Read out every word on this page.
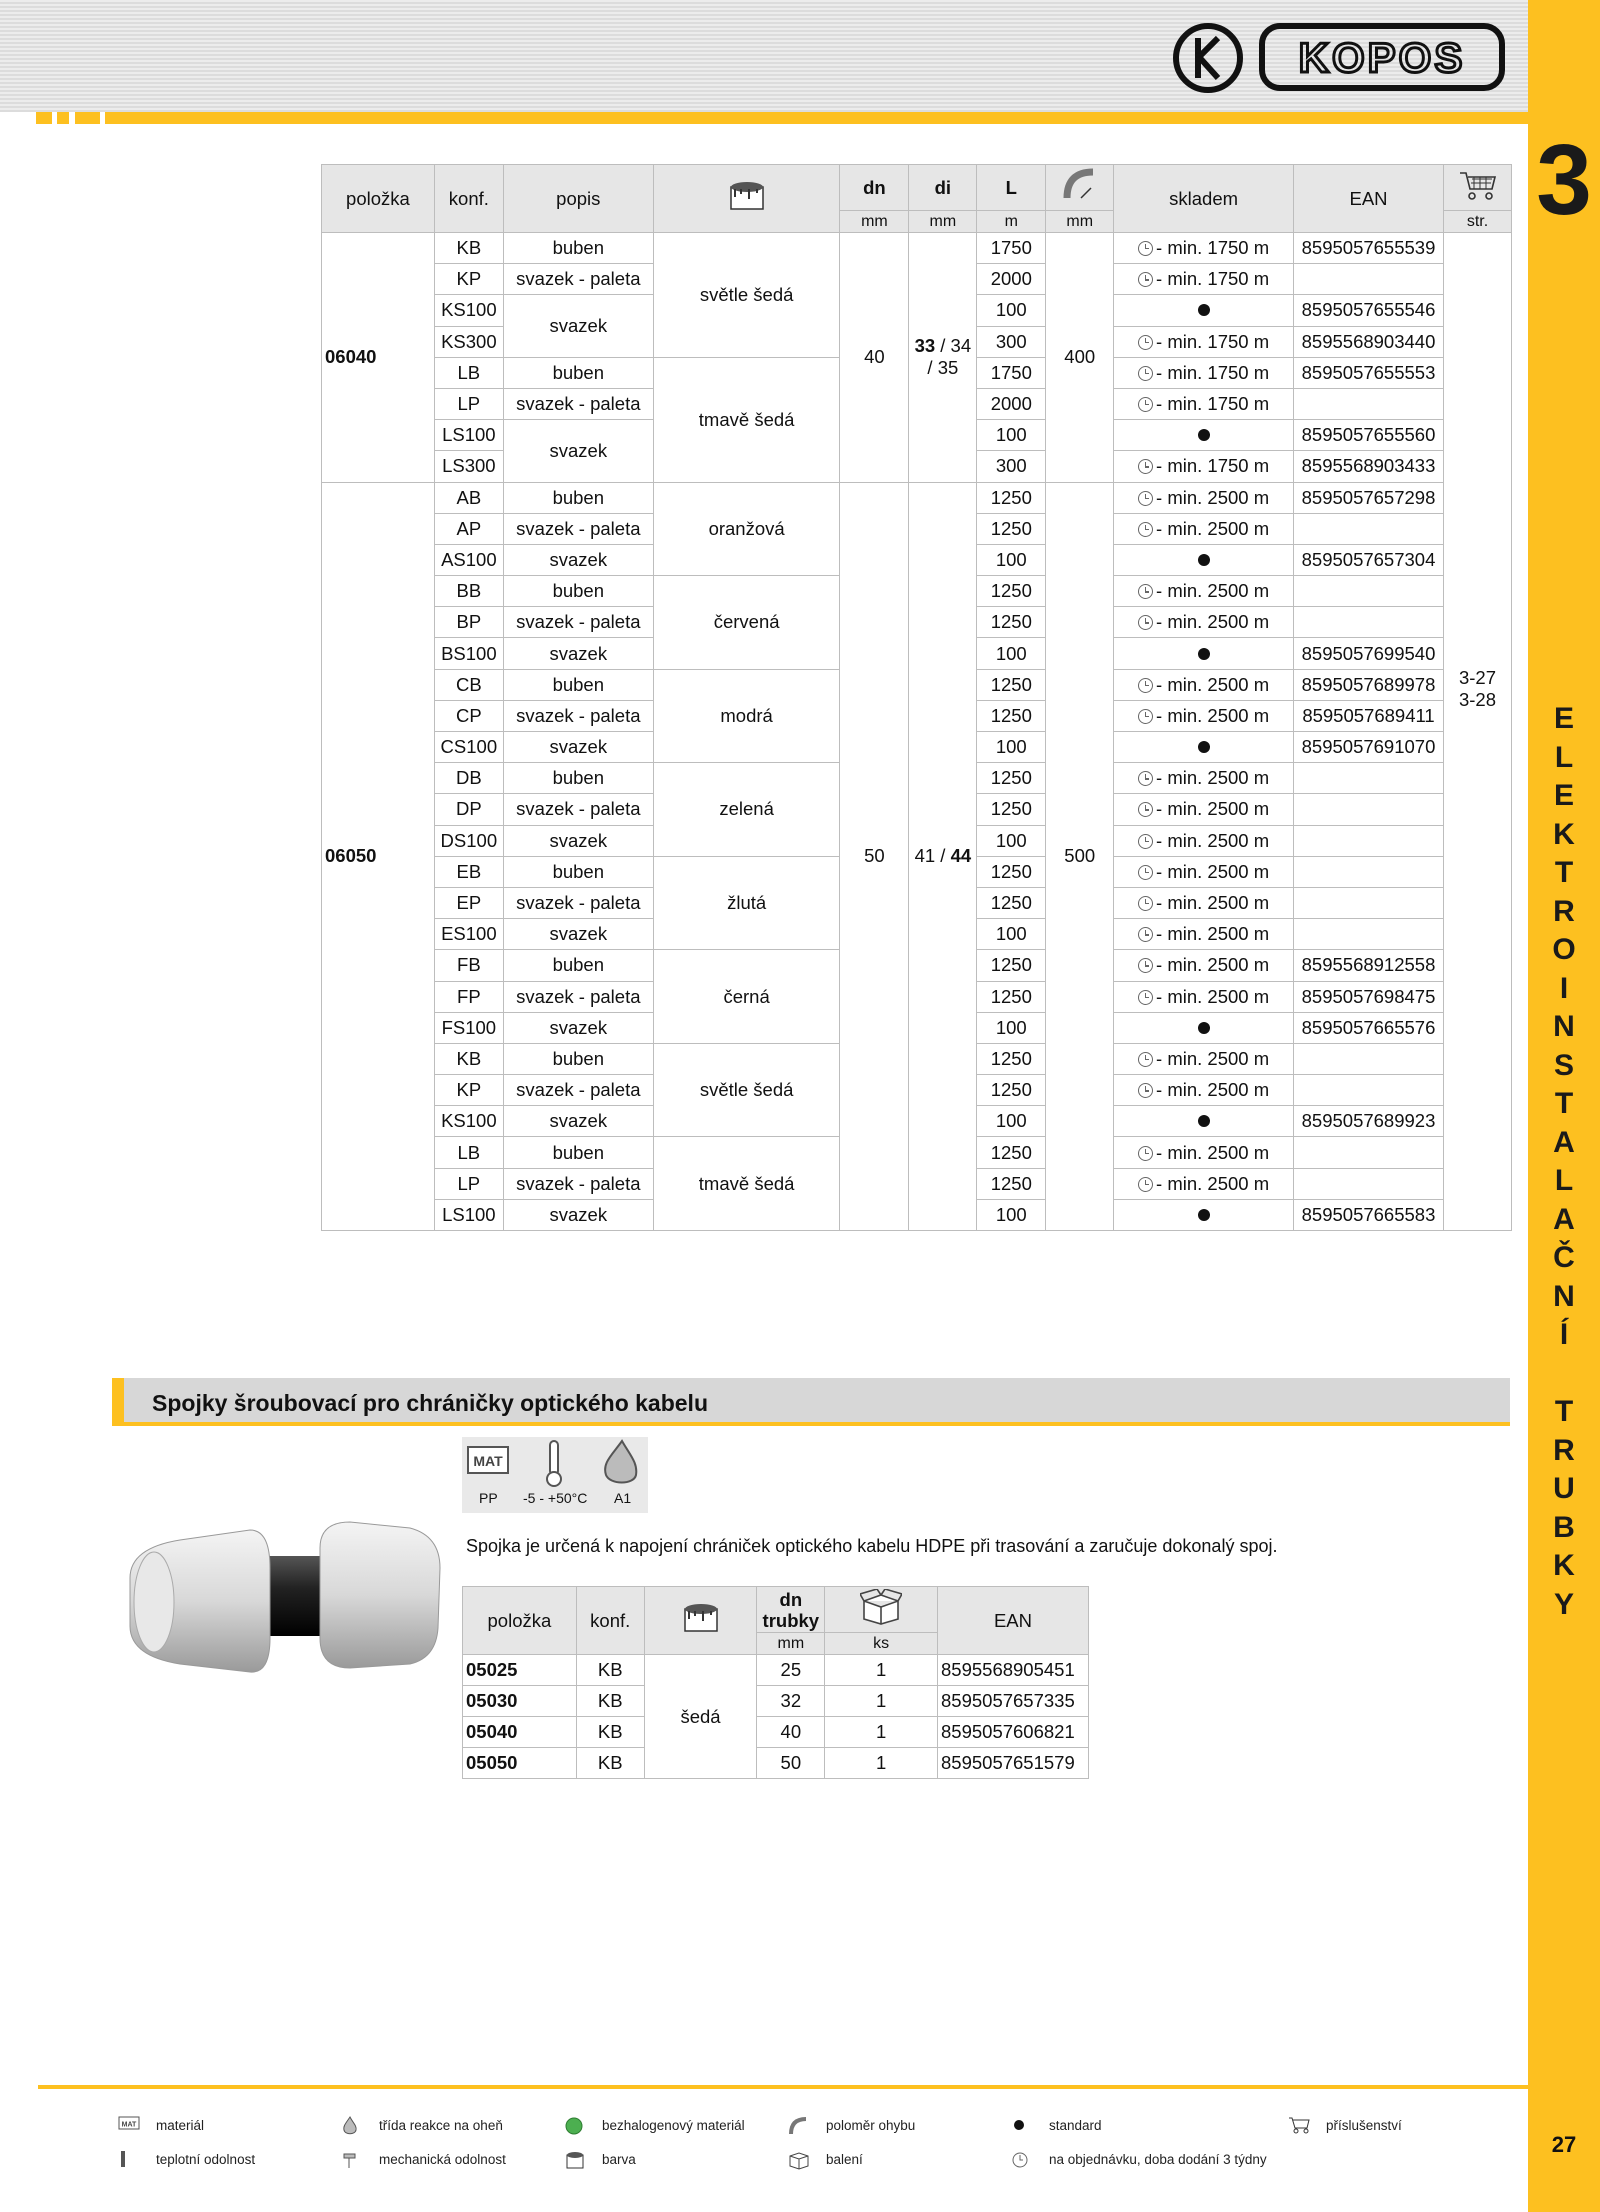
KOPOS
3
E
L
E
K
T
R
O
I
N
S
T
A
L
A
Č
N
Í
T
R
U
B
K
Y
27
položka	konf.	popis		dn	di	L		skladem	EAN	
				mm	mm	m	mm			str.
06040	KB	buben	světle šedá	40	33 / 34 / 35	1750	400	- min. 1750 m	8595057655539	3-27
3-28
	KP	svazek - paleta				2000		- min. 1750 m		
	KS100	svazek				100			8595057655546	
	KS300					300		- min. 1750 m	8595568903440	
	LB	buben	tmavě šedá			1750		- min. 1750 m	8595057655553	
	LP	svazek - paleta				2000		- min. 1750 m		
	LS100	svazek				100			8595057655560	
	LS300					300		- min. 1750 m	8595568903433	
06050	AB	buben	oranžová	50	41 / 44	1250	500	- min. 2500 m	8595057657298	
	AP	svazek - paleta				1250		- min. 2500 m		
	AS100	svazek				100			8595057657304	
	BB	buben	červená			1250		- min. 2500 m		
	BP	svazek - paleta				1250		- min. 2500 m		
	BS100	svazek				100			8595057699540	
	CB	buben	modrá			1250		- min. 2500 m	8595057689978	
	CP	svazek - paleta				1250		- min. 2500 m	8595057689411	
	CS100	svazek				100			8595057691070	
	DB	buben	zelená			1250		- min. 2500 m		
	DP	svazek - paleta				1250		- min. 2500 m		
	DS100	svazek				100		- min. 2500 m		
	EB	buben	žlutá			1250		- min. 2500 m		
	EP	svazek - paleta				1250		- min. 2500 m		
	ES100	svazek				100		- min. 2500 m		
	FB	buben	černá			1250		- min. 2500 m	8595568912558	
	FP	svazek - paleta				1250		- min. 2500 m	8595057698475	
	FS100	svazek				100			8595057665576	
	KB	buben	světle šedá			1250		- min. 2500 m		
	KP	svazek - paleta				1250		- min. 2500 m		
	KS100	svazek				100			8595057689923	
	LB	buben	tmavě šedá			1250		- min. 2500 m		
	LP	svazek - paleta				1250		- min. 2500 m		
	LS100	svazek				100			8595057665583	
Spojky šroubovací pro chráničky optického kabelu
MAT
PP -5 - +50°C A1
Spojka je určená k napojení chrániček optického kabelu HDPE při trasování a zaručuje dokonalý spoj.
položka	konf.		dn
trubky		EAN
			mm	ks	
05025	KB	šedá	25	1	8595568905451
05030	KB		32	1	8595057657335
05040	KB		40	1	8595057606821
05050	KB		50	1	8595057651579
MAT materiál	třída reakce na oheň	bezhalogenový materiál	poloměr ohybu	standard	příslušenství
teplotní odolnost	mechanická odolnost	barva	balení	na objednávku, doba dodání 3 týdny
